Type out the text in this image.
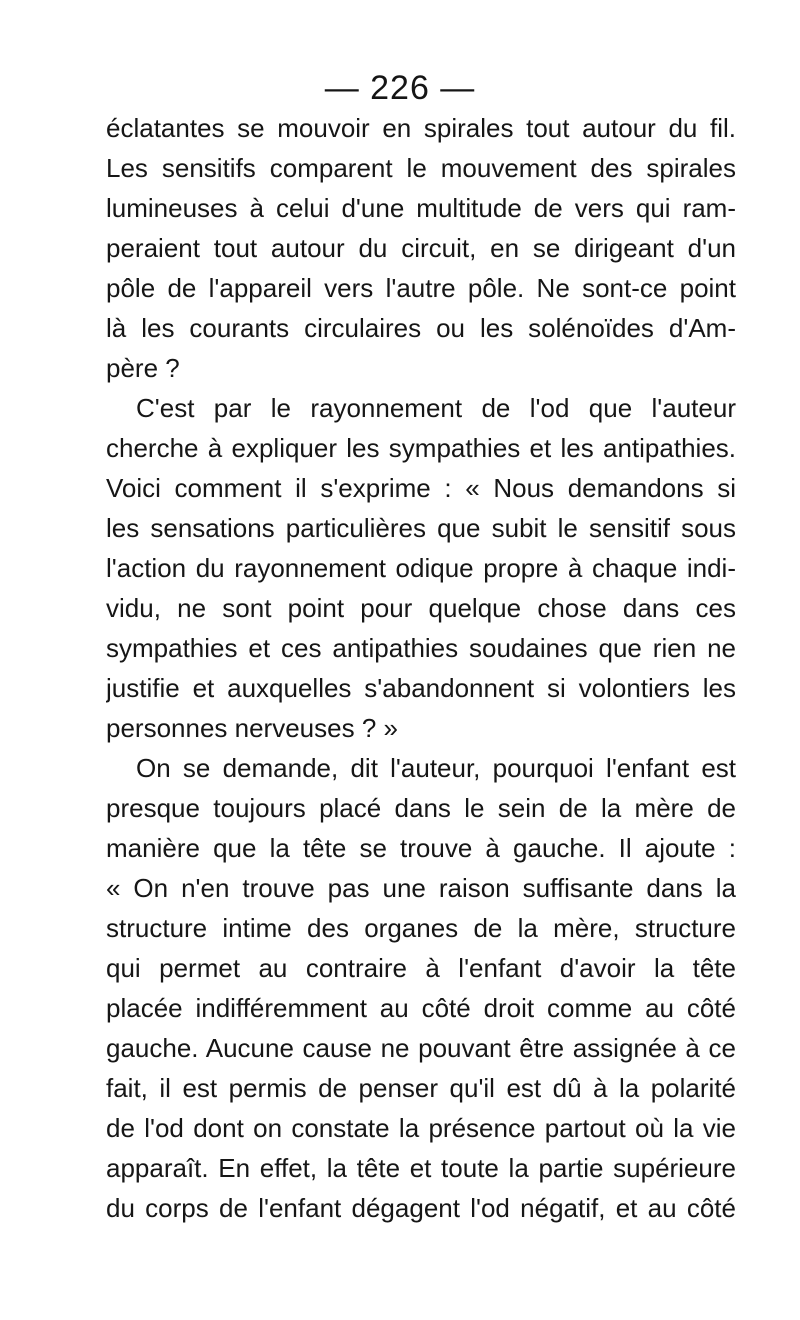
— 226 —
éclatantes se mouvoir en spirales tout autour du fil.
Les sensitifs comparent le mouvement des spirales
lumineuses à celui d'une multitude de vers qui ram-
peraient tout autour du circuit, en se dirigeant d'un
pôle de l'appareil vers l'autre pôle. Ne sont-ce point
là les courants circulaires ou les solénoïdes d'Am-
père ?
C'est par le rayonnement de l'od que l'auteur
cherche à expliquer les sympathies et les antipathies.
Voici comment il s'exprime : « Nous demandons si
les sensations particulières que subit le sensitif sous
l'action du rayonnement odique propre à chaque indi-
vidu, ne sont point pour quelque chose dans ces
sympathies et ces antipathies soudaines que rien ne
justifie et auxquelles s'abandonnent si volontiers les
personnes nerveuses ? »
On se demande, dit l'auteur, pourquoi l'enfant est
presque toujours placé dans le sein de la mère de
manière que la tête se trouve à gauche. Il ajoute :
« On n'en trouve pas une raison suffisante dans la
structure intime des organes de la mère, structure
qui permet au contraire à l'enfant d'avoir la tête
placée indifféremment au côté droit comme au côté
gauche. Aucune cause ne pouvant être assignée à ce
fait, il est permis de penser qu'il est dû à la polarité
de l'od dont on constate la présence partout où la vie
apparaît. En effet, la tête et toute la partie supérieure
du corps de l'enfant dégagent l'od négatif, et au côté
